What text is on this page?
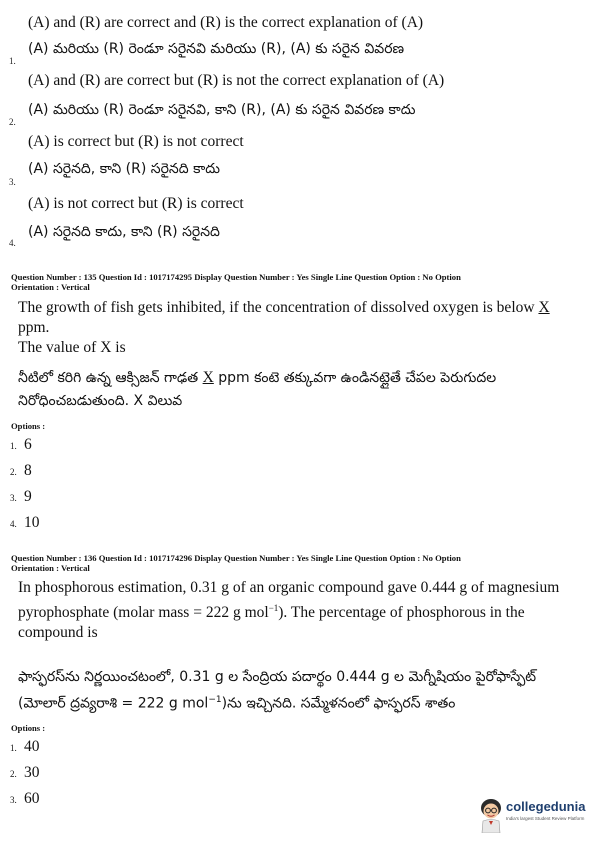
(A) and (R) are correct and (R) is the correct explanation of (A)
(A) మరియు (R) రెండూ సరైనవి మరియు (R), (A) కు సరైన వివరణ
1.
(A) and (R) are correct but (R) is not the correct explanation of (A)
(A) మరియు (R) రెండూ సరైనవి, కాని (R), (A) కు సరైన వివరణ కాదు
2.
(A) is correct but (R) is not correct
(A) సరైనది, కాని (R) సరైనది కాదు
3.
(A) is not correct but (R) is correct
(A) సరైనది కాదు, కాని (R) సరైనది
4.
Question Number : 135 Question Id : 1017174295 Display Question Number : Yes Single Line Question Option : No Option
Orientation : Vertical
The growth of fish gets inhibited, if the concentration of dissolved oxygen is below X ppm.
The value of X is
నీటిలో కరిగి ఉన్న ఆక్సిజన్ గాఢత X ppm కంటె తక్కువగా ఉండినట్లైతే చేపల పెరుగుదల
నిరోధించబడుతుంది. X విలువ
Options :
1. 6
2. 8
3. 9
4. 10
Question Number : 136 Question Id : 1017174296 Display Question Number : Yes Single Line Question Option : No Option
Orientation : Vertical
In phosphorous estimation, 0.31 g of an organic compound gave 0.444 g of magnesium
pyrophosphate (molar mass = 222 g mol$^{-1}$). The percentage of phosphorous in the
compound is
ఫాస్ఫరస్‌ను నిర్ణయించటంలో, 0.31 g ల సేంద్రియ పదార్థం 0.444 g ల మెగ్నీషియం పైరోఫాస్ఫేట్
(మోలార్ ద్రవ్యరాశి = 222 g mol$^{-1}$)ను ఇచ్చినది. సమ్మేళనంలో ఫాస్ఫరస్ శాతం
Options :
1. 40
2. 30
3. 60	collegedunia
India's largest Student Review Platform
